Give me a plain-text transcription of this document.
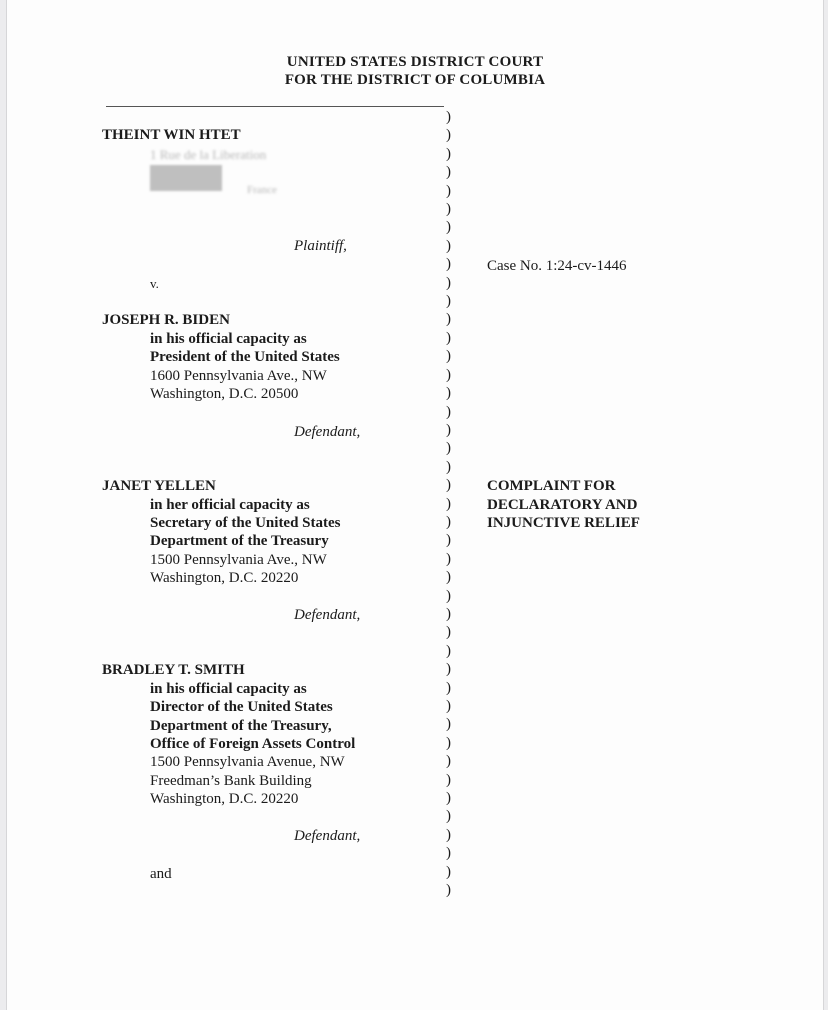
UNITED STATES DISTRICT COURT
FOR THE DISTRICT OF COLUMBIA
THEINT WIN HTET
1 Rue de la Liberation
France
Plaintiff,
v.
Case No. 1:24-cv-1446
JOSEPH R. BIDEN
in his official capacity as
President of the United States
1600 Pennsylvania Ave., NW
Washington, D.C. 20500
Defendant,
JANET YELLEN
in her official capacity as
Secretary of the United States
Department of the Treasury
1500 Pennsylvania Ave., NW
Washington, D.C. 20220
Defendant,
COMPLAINT FOR
DECLARATORY AND
INJUNCTIVE RELIEF
BRADLEY T. SMITH
in his official capacity as
Director of the United States
Department of the Treasury,
Office of Foreign Assets Control
1500 Pennsylvania Avenue, NW
Freedman’s Bank Building
Washington, D.C. 20220
Defendant,
and
)
)
)
)
)
)
)
)
)
)
)
)
)
)
)
)
)
)
)
)
)
)
)
)
)
)
)
)
)
)
)
)
)
)
)
)
)
)
)
)
)
)
)
